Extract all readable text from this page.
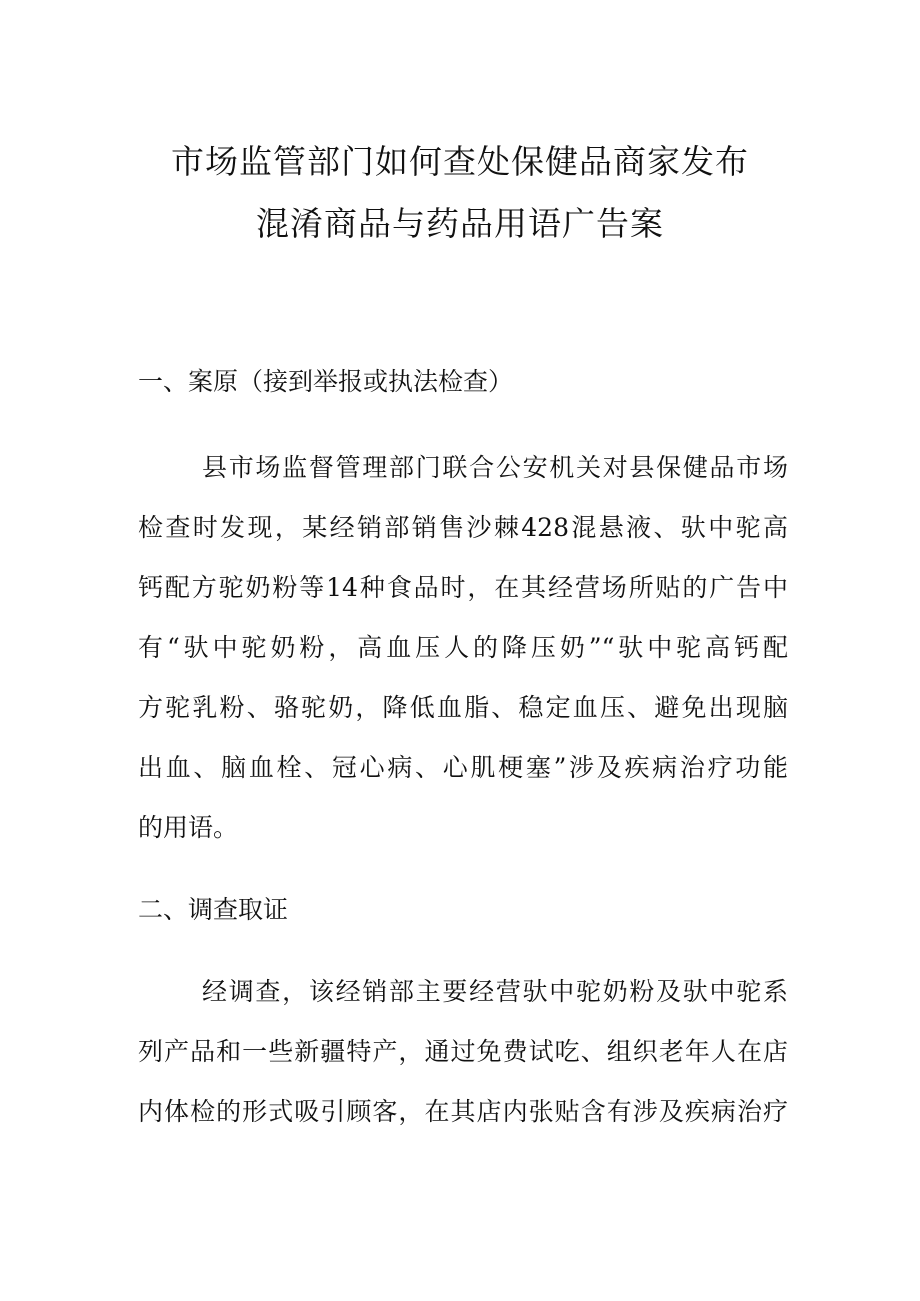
市场监管部门如何查处保健品商家发布
混淆商品与药品用语广告案
一、案原（接到举报或执法检查）
县市场监督管理部门联合公安机关对县保健品市场
检查时发现，某经销部销售沙棘428混悬液、驮中驼高
钙配方驼奶粉等14种食品时，在其经营场所贴的广告中
有“驮中驼奶粉，高血压人的降压奶”“驮中驼高钙配
方驼乳粉、骆驼奶，降低血脂、稳定血压、避免出现脑
出血、脑血栓、冠心病、心肌梗塞”涉及疾病治疗功能
的用语。
二、调查取证
经调查，该经销部主要经营驮中驼奶粉及驮中驼系
列产品和一些新疆特产，通过免费试吃、组织老年人在店
内体检的形式吸引顾客，在其店内张贴含有涉及疾病治疗
